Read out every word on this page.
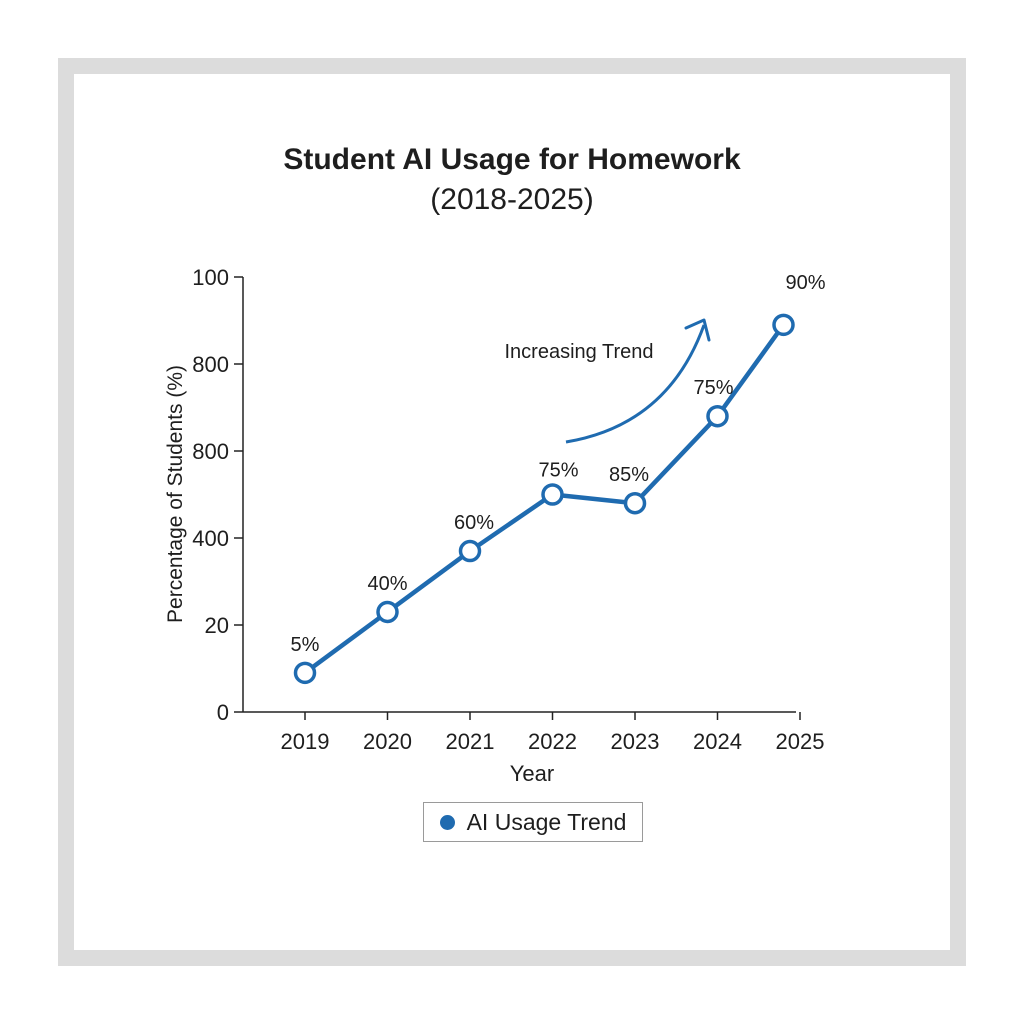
Student AI Usage for Homework
(2018-2025)
0
20
400
800
800
100
2019 2020 2021 2022 2023 2024 2025
Year
Percentage of Students (%)
5%
40%
60%
75% 85%
75%
90%
Increasing Trend
AI Usage Trend
